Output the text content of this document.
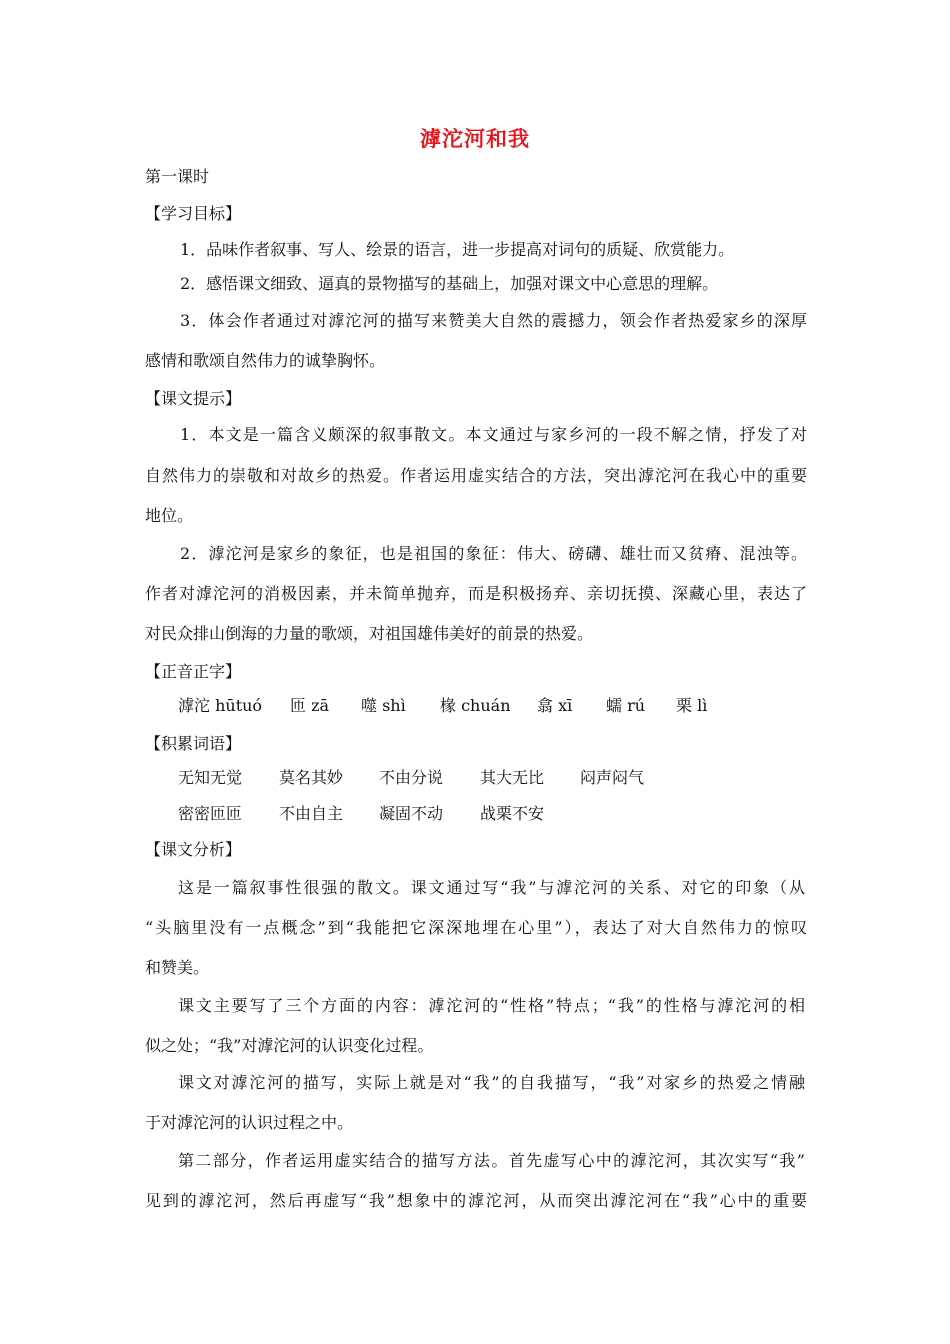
滹沱河和我
第一课时
【学习目标】
1．品味作者叙事、写人、绘景的语言，进一步提高对词句的质疑、欣赏能力。
2．感悟课文细致、逼真的景物描写的基础上，加强对课文中心意思的理解。
3．体会作者通过对滹沱河的描写来赞美大自然的震撼力，领会作者热爱家乡的深厚
感情和歌颂自然伟力的诚挚胸怀。
【课文提示】
1．本文是一篇含义颇深的叙事散文。本文通过与家乡河的一段不解之情，抒发了对
自然伟力的崇敬和对故乡的热爱。作者运用虚实结合的方法，突出滹沱河在我心中的重要
地位。
2．滹沱河是家乡的象征，也是祖国的象征：伟大、磅礴、雄壮而又贫瘠、混浊等。
作者对滹沱河的消极因素，并未简单抛弃，而是积极扬弃、亲切抚摸、深藏心里，表达了
对民众排山倒海的力量的歌颂，对祖国雄伟美好的前景的热爱。
【正音正字】
滹沱 hūtuó 匝 zā 噬 shì 椽 chuán 翕 xī 蠕 rú 栗 lì
【积累词语】
无知无觉 莫名其妙 不由分说 其大无比 闷声闷气
密密匝匝 不由自主 凝固不动 战栗不安
【课文分析】
这是一篇叙事性很强的散文。课文通过写“我”与滹沱河的关系、对它的印象（从
“头脑里没有一点概念”到“我能把它深深地埋在心里”），表达了对大自然伟力的惊叹
和赞美。
课文主要写了三个方面的内容：滹沱河的“性格”特点；“我”的性格与滹沱河的相
似之处；“我”对滹沱河的认识变化过程。
课文对滹沱河的描写，实际上就是对“我”的自我描写，“我”对家乡的热爱之情融
于对滹沱河的认识过程之中。
第二部分，作者运用虚实结合的描写方法。首先虚写心中的滹沱河，其次实写“我”
见到的滹沱河，然后再虚写“我”想象中的滹沱河，从而突出滹沱河在“我”心中的重要
